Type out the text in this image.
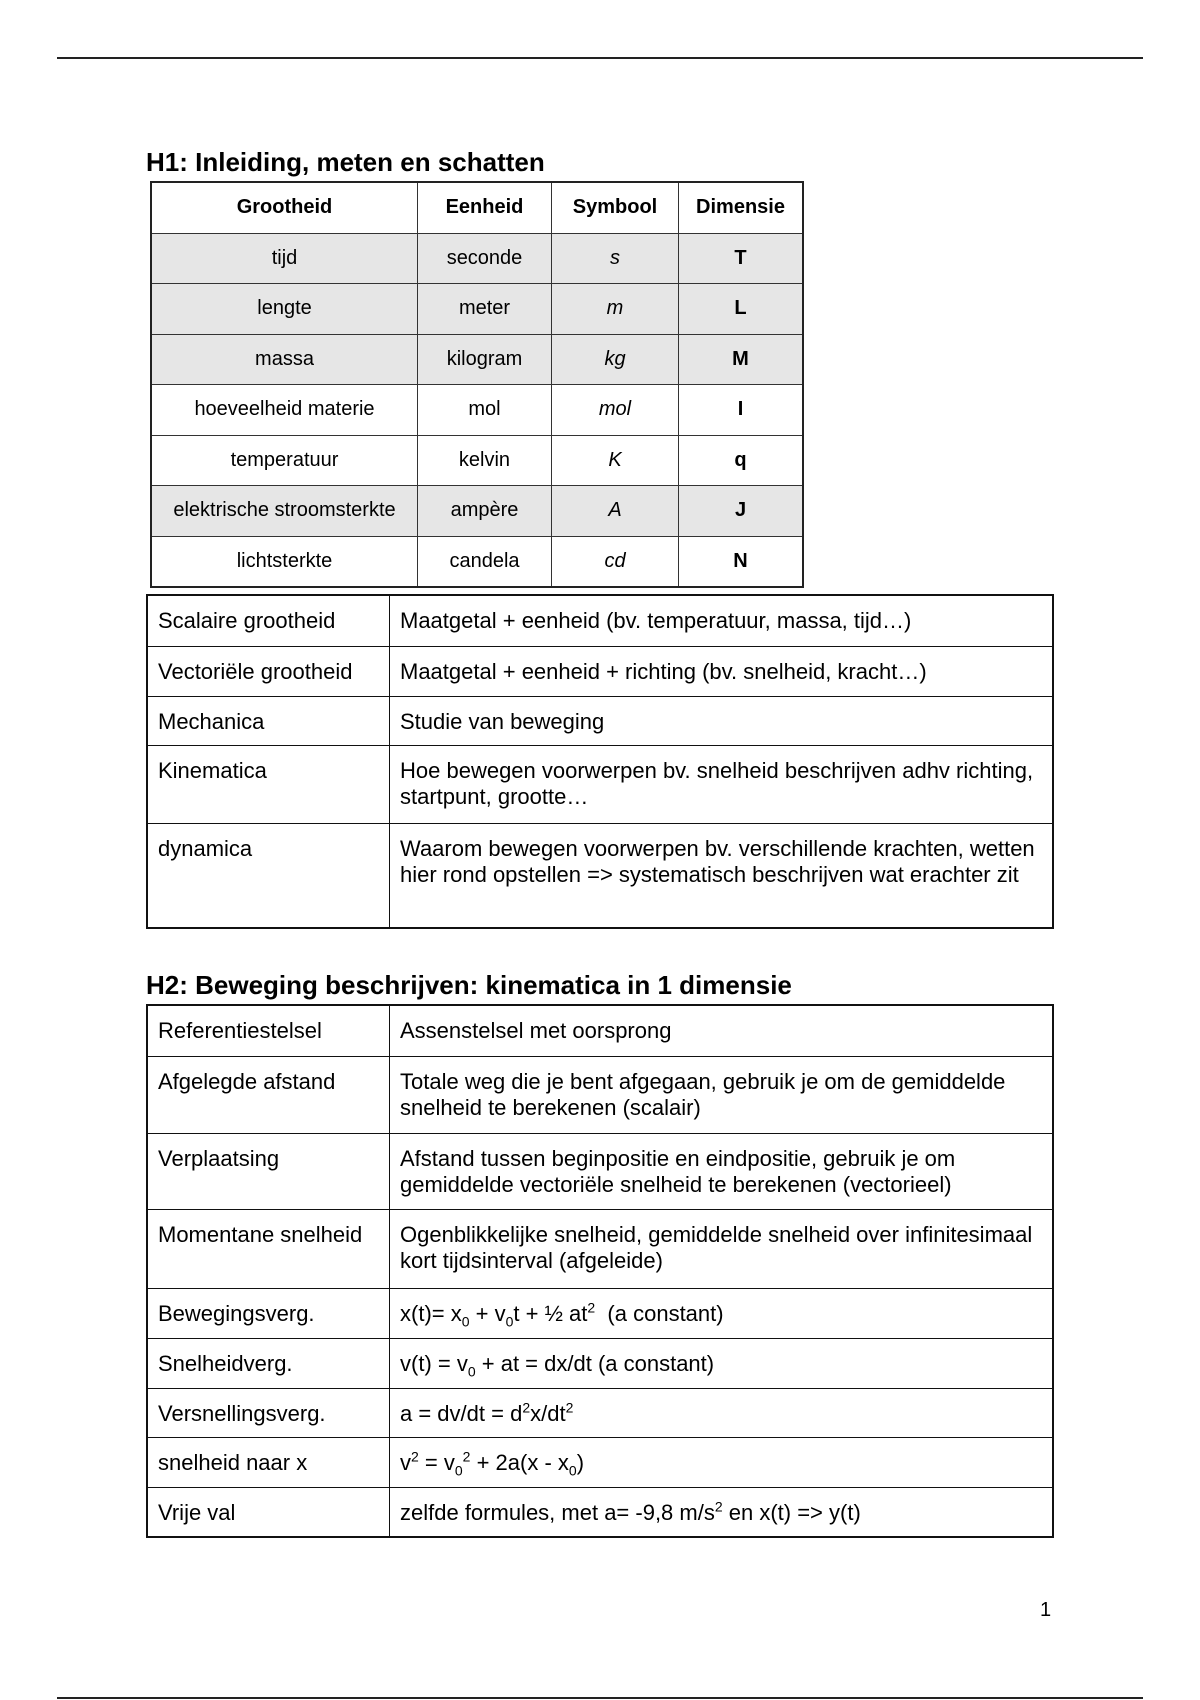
H1: Inleiding, meten en schatten
Grootheid	Eenheid	Symbool	Dimensie
tijd	seconde	s	T
lengte	meter	m	L
massa	kilogram	kg	M
hoeveelheid materie	mol	mol	I
temperatuur	kelvin	K	q
elektrische stroomsterkte	ampère	A	J
lichtsterkte	candela	cd	N
Scalaire grootheid	Maatgetal + eenheid (bv. temperatuur, massa, tijd…)
Vectoriële grootheid	Maatgetal + eenheid + richting (bv. snelheid, kracht…)
Mechanica	Studie van beweging
Kinematica	Hoe bewegen voorwerpen bv. snelheid beschrijven adhv richting, startpunt, grootte…
dynamica	Waarom bewegen voorwerpen bv. verschillende krachten, wetten hier rond opstellen => systematisch beschrijven wat erachter zit
H2: Beweging beschrijven: kinematica in 1 dimensie
Referentiestelsel	Assenstelsel met oorsprong
Afgelegde afstand	Totale weg die je bent afgegaan, gebruik je om de gemiddelde snelheid te berekenen (scalair)
Verplaatsing	Afstand tussen beginpositie en eindpositie, gebruik je om gemiddelde vectoriële snelheid te berekenen (vectorieel)
Momentane snelheid	Ogenblikkelijke snelheid, gemiddelde snelheid over infinitesimaal kort tijdsinterval (afgeleide)
Bewegingsverg.	$x(t)= x_0 + v_0t$ + ½ $at^2$  (a constant)
Snelheidverg.	$v(t) = v_0$ + at = dx/dt (a constant)
Versnellingsverg.	$a = dv/dt = d^2x/dt^2$
snelheid naar x	$v^2 = v_0^2 + 2a(x - x_0)$
Vrije val	zelfde formules, met a= -9,8 $m/s^2$ en x(t) => y(t)
1
